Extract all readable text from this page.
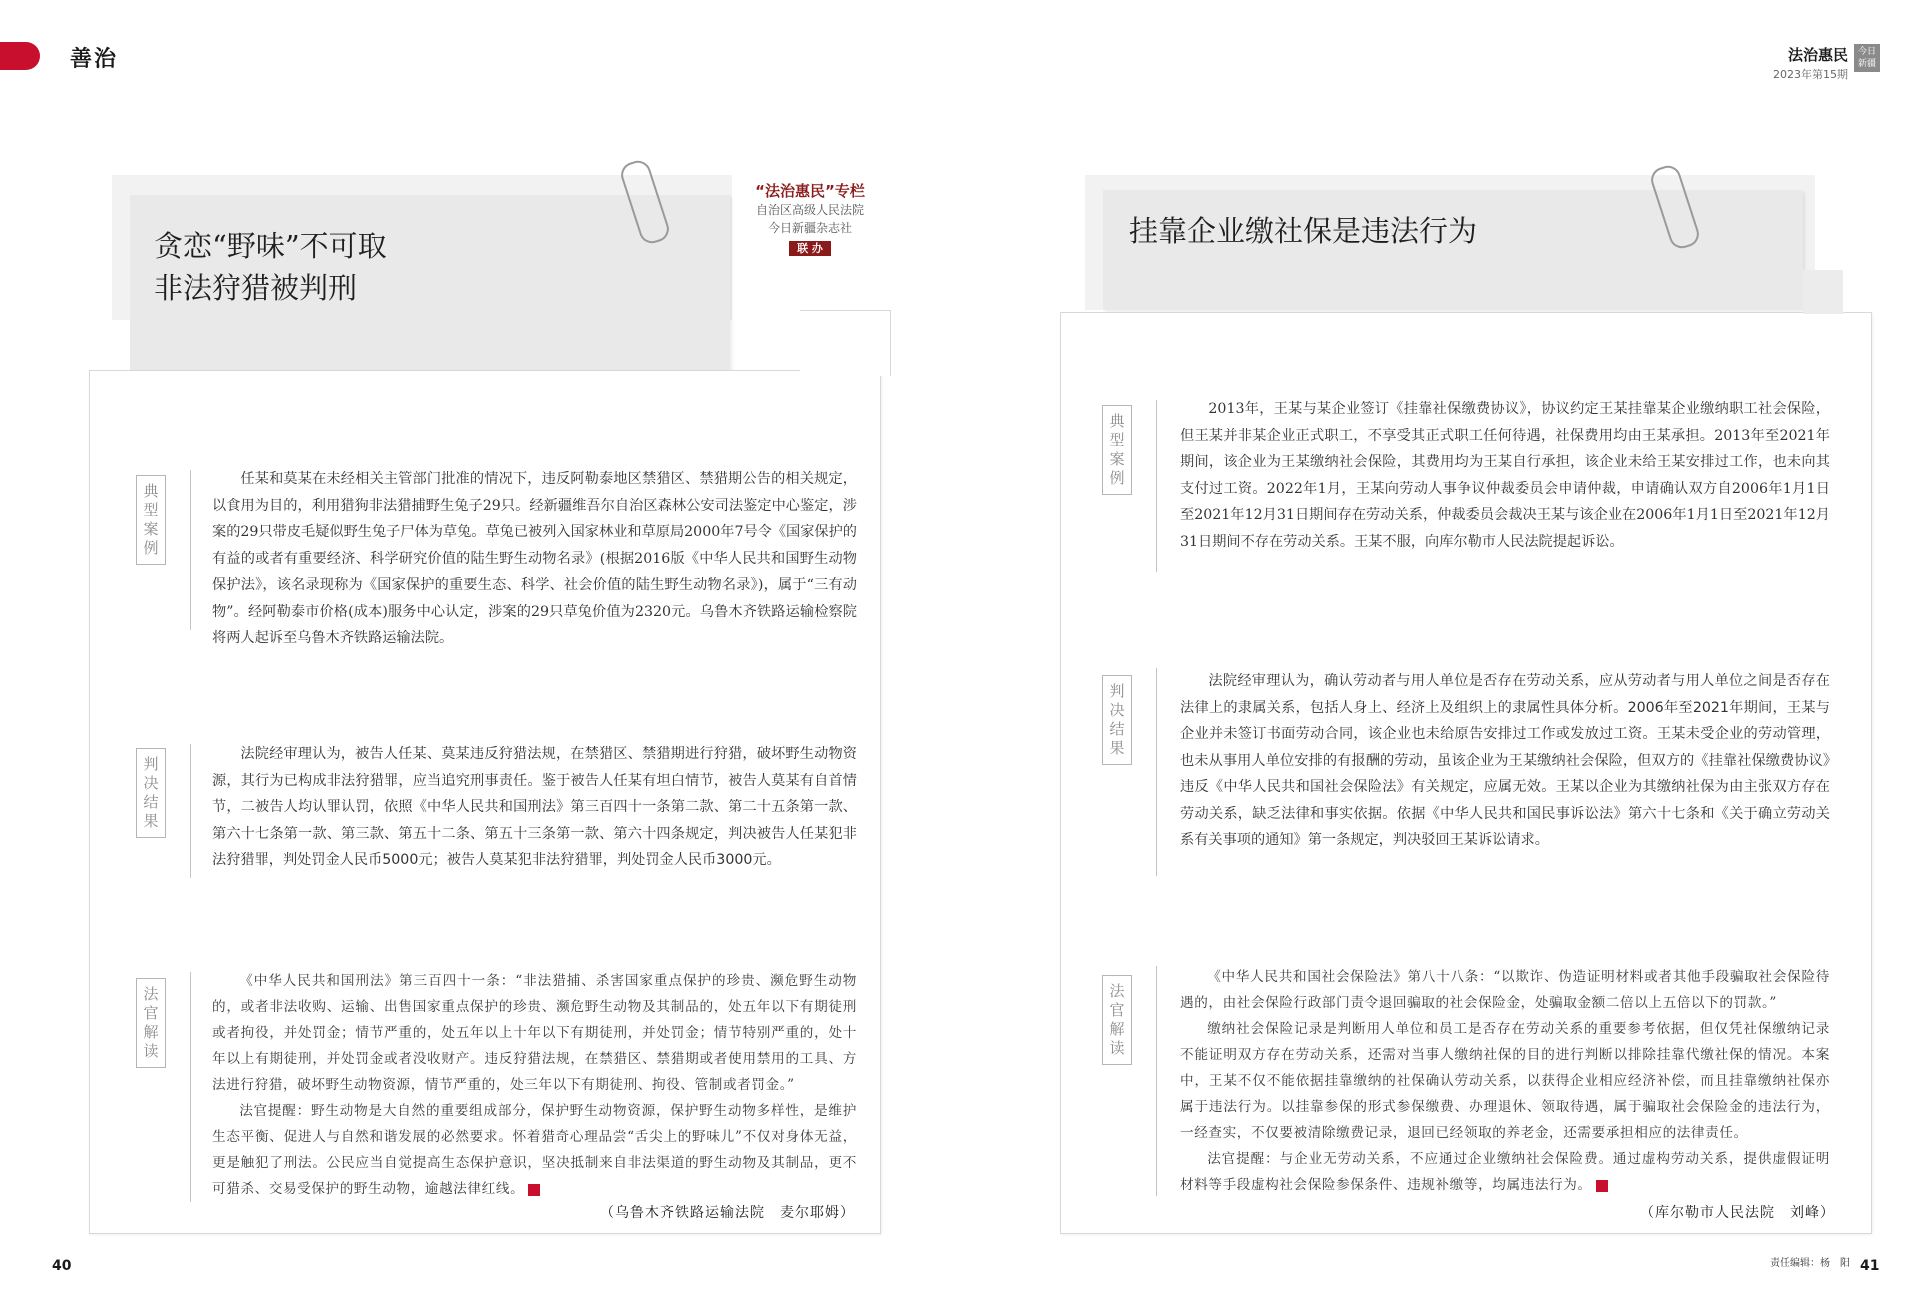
善治	法治惠民
2023年第15期
今日新疆
贪恋“野味”不可取
非法狩猎被判刑
“法治惠民”专栏
自治区高级人民法院
今日新疆杂志社
联 办
典型案例

任某和莫某在未经相关主管部门批准的情况下，违反阿勒泰地区禁猎区、禁猎期公告的相关规定，以食用为目的，利用猎狗非法猎捕野生兔子29只。经新疆维吾尔自治区森林公安司法鉴定中心鉴定，涉案的29只带皮毛疑似野生兔子尸体为草兔。草兔已被列入国家林业和草原局2000年7号令《国家保护的有益的或者有重要经济、科学研究价值的陆生野生动物名录》(根据2016版《中华人民共和国野生动物保护法》，该名录现称为《国家保护的重要生态、科学、社会价值的陆生野生动物名录》)，属于“三有动物”。经阿勒泰市价格(成本)服务中心认定，涉案的29只草兔价值为2320元。乌鲁木齐铁路运输检察院将两人起诉至乌鲁木齐铁路运输法院。

判决结果

法院经审理认为，被告人任某、莫某违反狩猎法规，在禁猎区、禁猎期进行狩猎，破坏野生动物资源，其行为已构成非法狩猎罪，应当追究刑事责任。鉴于被告人任某有坦白情节，被告人莫某有自首情节，二被告人均认罪认罚，依照《中华人民共和国刑法》第三百四十一条第二款、第二十五条第一款、第六十七条第一款、第三款、第五十二条、第五十三条第一款、第六十四条规定，判决被告人任某犯非法狩猎罪，判处罚金人民币5000元；被告人莫某犯非法狩猎罪，判处罚金人民币3000元。

法官解读

《中华人民共和国刑法》第三百四十一条：“非法猎捕、杀害国家重点保护的珍贵、濒危野生动物的，或者非法收购、运输、出售国家重点保护的珍贵、濒危野生动物及其制品的，处五年以下有期徒刑或者拘役，并处罚金；情节严重的，处五年以上十年以下有期徒刑，并处罚金；情节特别严重的，处十年以上有期徒刑，并处罚金或者没收财产。违反狩猎法规，在禁猎区、禁猎期或者使用禁用的工具、方法进行狩猎，破坏野生动物资源，情节严重的，处三年以下有期徒刑、拘役、管制或者罚金。”

法官提醒：野生动物是大自然的重要组成部分，保护野生动物资源，保护野生动物多样性，是维护生态平衡、促进人与自然和谐发展的必然要求。怀着猎奇心理品尝“舌尖上的野味儿”不仅对身体无益，更是触犯了刑法。公民应当自觉提高生态保护意识，坚决抵制来自非法渠道的野生动物及其制品，更不可猎杀、交易受保护的野生动物，逾越法律红线。

（乌鲁木齐铁路运输法院　麦尔耶姆）
40
挂靠企业缴社保是违法行为
典型案例

2013年，王某与某企业签订《挂靠社保缴费协议》，协议约定王某挂靠某企业缴纳职工社会保险，但王某并非某企业正式职工，不享受其正式职工任何待遇，社保费用均由王某承担。2013年至2021年期间，该企业为王某缴纳社会保险，其费用均为王某自行承担，该企业未给王某安排过工作，也未向其支付过工资。2022年1月，王某向劳动人事争议仲裁委员会申请仲裁，申请确认双方自2006年1月1日至2021年12月31日期间存在劳动关系，仲裁委员会裁决王某与该企业在2006年1月1日至2021年12月31日期间不存在劳动关系。王某不服，向库尔勒市人民法院提起诉讼。

判决结果

法院经审理认为，确认劳动者与用人单位是否存在劳动关系，应从劳动者与用人单位之间是否存在法律上的隶属关系，包括人身上、经济上及组织上的隶属性具体分析。2006年至2021年期间，王某与企业并未签订书面劳动合同，该企业也未给原告安排过工作或发放过工资。王某未受企业的劳动管理，也未从事用人单位安排的有报酬的劳动，虽该企业为王某缴纳社会保险，但双方的《挂靠社保缴费协议》违反《中华人民共和国社会保险法》有关规定，应属无效。王某以企业为其缴纳社保为由主张双方存在劳动关系，缺乏法律和事实依据。依据《中华人民共和国民事诉讼法》第六十七条和《关于确立劳动关系有关事项的通知》第一条规定，判决驳回王某诉讼请求。

法官解读

《中华人民共和国社会保险法》第八十八条：“以欺诈、伪造证明材料或者其他手段骗取社会保险待遇的，由社会保险行政部门责令退回骗取的社会保险金，处骗取金额二倍以上五倍以下的罚款。”

缴纳社会保险记录是判断用人单位和员工是否存在劳动关系的重要参考依据，但仅凭社保缴纳记录不能证明双方存在劳动关系，还需对当事人缴纳社保的目的进行判断以排除挂靠代缴社保的情况。本案中，王某不仅不能依据挂靠缴纳的社保确认劳动关系，以获得企业相应经济补偿，而且挂靠缴纳社保亦属于违法行为。以挂靠参保的形式参保缴费、办理退休、领取待遇，属于骗取社会保险金的违法行为，一经查实，不仅要被清除缴费记录，退回已经领取的养老金，还需要承担相应的法律责任。

法官提醒：与企业无劳动关系，不应通过企业缴纳社会保险费。通过虚构劳动关系，提供虚假证明材料等手段虚构社会保险参保条件、违规补缴等，均属违法行为。

（库尔勒市人民法院　刘峰）
责任编辑：杨　阳 41
